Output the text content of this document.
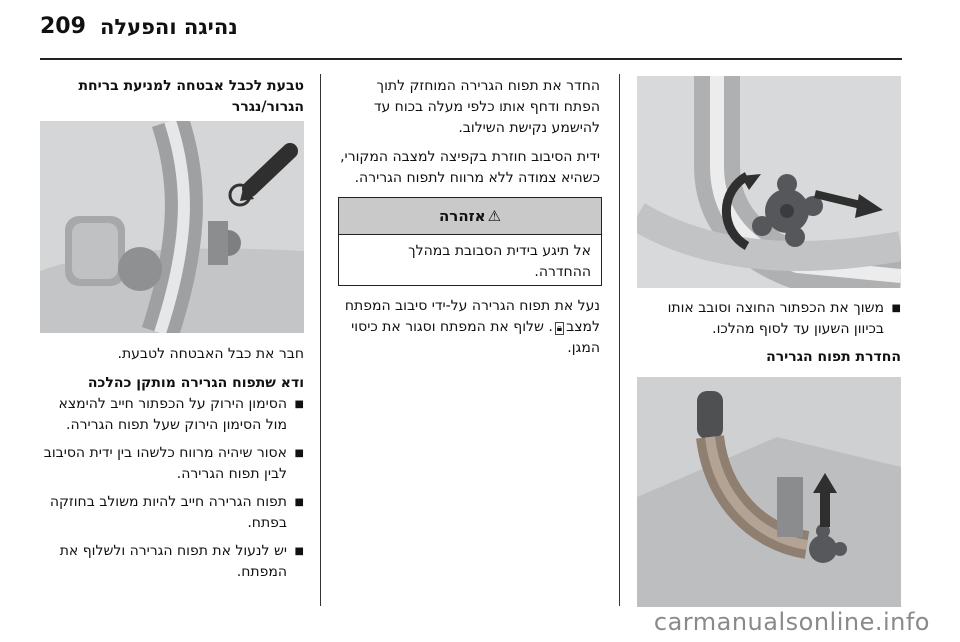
209 נהיגה והפעלה
טבעת לכבל אבטחה למניעת בריחת הגרור/נגרר

חבר את כבל האבטחה לטבעת.

ודא שתפוח הגרירה מותקן כהלכה
■ הסימון הירוק על הכפתור חייב להימצא מול הסימון הירוק שעל תפוח הגרירה.
■ אסור שיהיה מרווח כלשהו בין ידית הסיבוב לבין תפוח הגרירה.
■ תפוח הגרירה חייב להיות משולב בחוזקה בפתח.
■ יש לנעול את תפוח הגרירה ולשלוף את המפתח.

החדר את תפוח הגרירה המוחזק לתוך הפתח ודחף אותו כלפי מעלה בכוח עד להישמע נקישת השילוב.

ידית הסיבוב חוזרת בקפיצה למצבה המקורי, כשהיא צמודה ללא מרווח לתפוח הגרירה.

⚠אזהרה
אל תיגע בידית הסבובת במהלך ההחדרה.

נעל את תפוח הגרירה על-ידי סיבוב המפתח למצב🔒︎. שלוף את המפתח וסגור את כיסוי המגן.

■ משוך את הכפתור החוצה וסובב אותו בכיוון השעון עד לסוף מהלכו.
החדרת תפוח הגרירה
carmanualsonline.info
